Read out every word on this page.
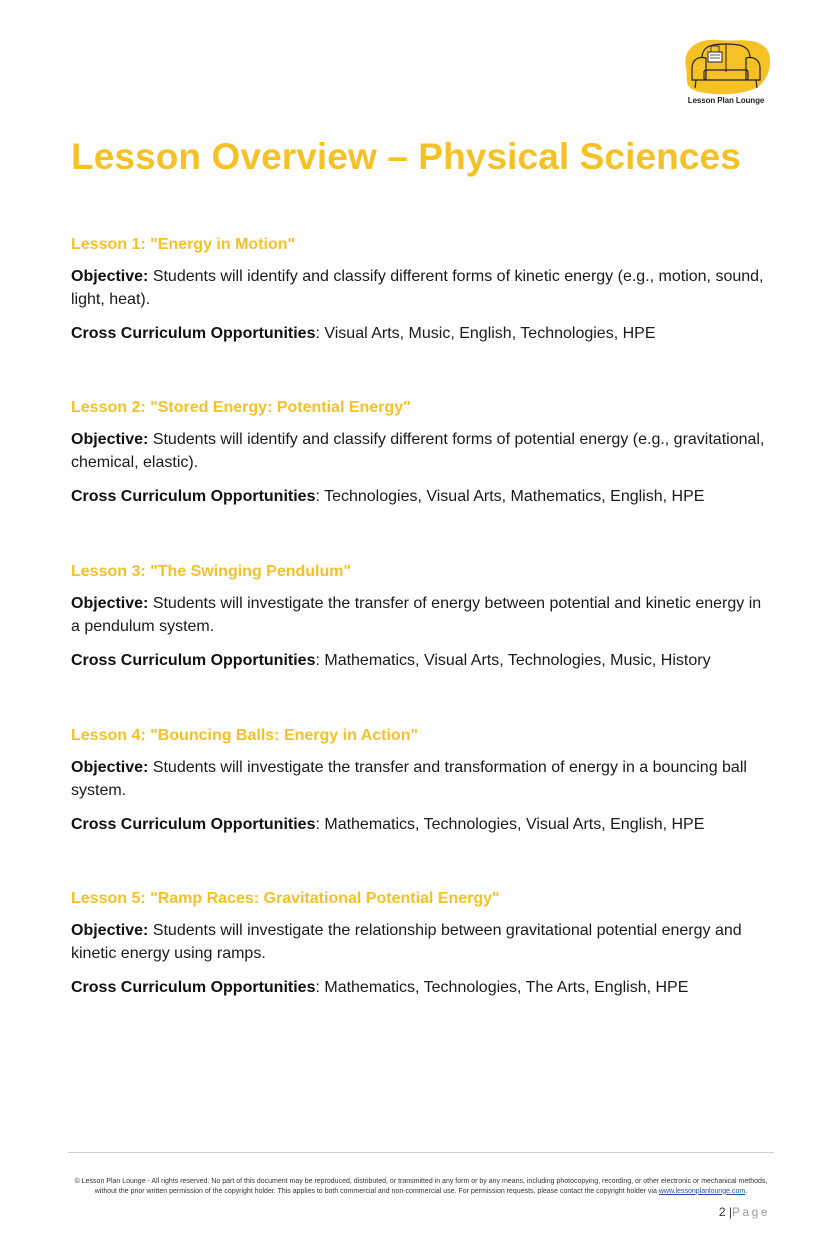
Lesson Plan Lounge
Lesson Overview – Physical Sciences
Lesson 1: "Energy in Motion"

Objective: Students will identify and classify different forms of kinetic energy (e.g., motion, sound, light, heat).

Cross Curriculum Opportunities: Visual Arts, Music, English, Technologies, HPE

Lesson 2: "Stored Energy: Potential Energy"

Objective: Students will identify and classify different forms of potential energy (e.g., gravitational, chemical, elastic).

Cross Curriculum Opportunities: Technologies, Visual Arts, Mathematics, English, HPE

Lesson 3: "The Swinging Pendulum"

Objective: Students will investigate the transfer of energy between potential and kinetic energy in a pendulum system.

Cross Curriculum Opportunities: Mathematics, Visual Arts, Technologies, Music, History

Lesson 4: "Bouncing Balls: Energy in Action"

Objective: Students will investigate the transfer and transformation of energy in a bouncing ball system.

Cross Curriculum Opportunities: Mathematics, Technologies, Visual Arts, English, HPE

Lesson 5: "Ramp Races: Gravitational Potential Energy"

Objective: Students will investigate the relationship between gravitational potential energy and kinetic energy using ramps.

Cross Curriculum Opportunities: Mathematics, Technologies, The Arts, English, HPE

© Lesson Plan Lounge - All rights reserved. No part of this document may be reproduced, distributed, or transmitted in any form or by any means, including photocopying, recording, or other electronic or mechanical methods, without the prior written permission of the copyright holder. This applies to both commercial and non-commercial use. For permission requests, please contact the copyright holder via www.lessonplanlounge.com.
2 |Page
